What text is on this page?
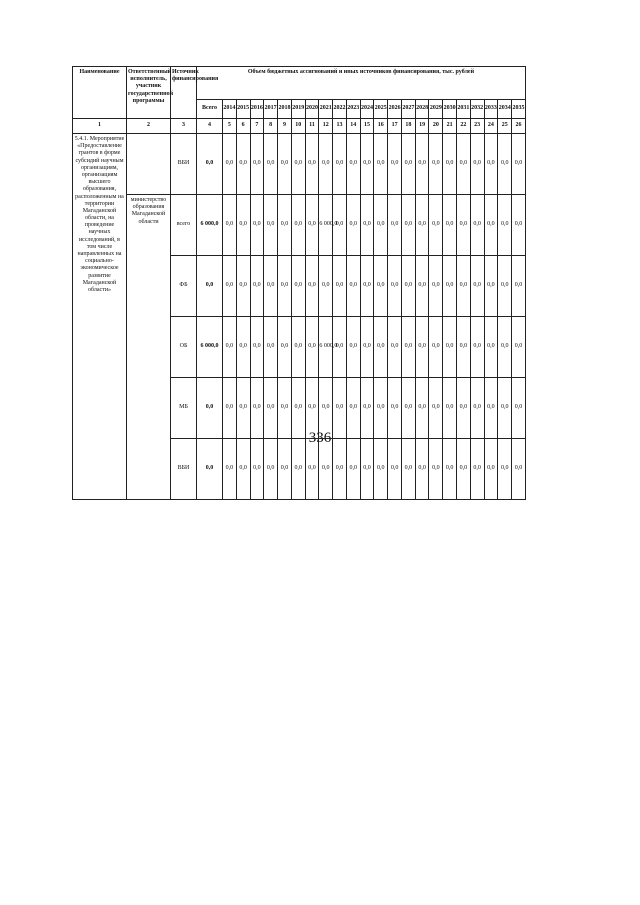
336
Наименование	Ответственный исполнитель, участник государственной программы	Источник финансирования	Объем бюджетных ассигнований и иных источников финансирования, тыс. рублей																						
			Всего	2014	2015	2016	2017	2018	2019	2020	2021	2022	2023	2024	2025	2026	2027	2028	2029	2030	2031	2032	2033	2034	2035
1	2	3	4	5	6	7	8	9	10	11	12	13	14	15	16	17	18	19	20	21	22	23	24	25	26
5.4.1. Мероприятие «Предоставление грантов в форме субсидий научным организациям, организациям высшего образования, расположенным на территории Магаданской области, на проведение научных исследований, в том числе направленных на социально-экономическое развитие Магаданской области»		ВБИ	0,0	0,0	0,0	0,0	0,0	0,0	0,0	0,0	0,0	0,0	0,0	0,0	0,0	0,0	0,0	0,0	0,0	0,0	0,0	0,0	0,0	0,0	0,0
	министерство образования Магаданской области	всего	6 000,0	0,0	0,0	0,0	0,0	0,0	0,0	0,0	6 000,0	0,0	0,0	0,0	0,0	0,0	0,0	0,0	0,0	0,0	0,0	0,0	0,0	0,0	0,0
		ФБ	0,0	0,0	0,0	0,0	0,0	0,0	0,0	0,0	0,0	0,0	0,0	0,0	0,0	0,0	0,0	0,0	0,0	0,0	0,0	0,0	0,0	0,0	0,0
		ОБ	6 000,0	0,0	0,0	0,0	0,0	0,0	0,0	0,0	6 000,0	0,0	0,0	0,0	0,0	0,0	0,0	0,0	0,0	0,0	0,0	0,0	0,0	0,0	0,0
		МБ	0,0	0,0	0,0	0,0	0,0	0,0	0,0	0,0	0,0	0,0	0,0	0,0	0,0	0,0	0,0	0,0	0,0	0,0	0,0	0,0	0,0	0,0	0,0
		ВБИ	0,0	0,0	0,0	0,0	0,0	0,0	0,0	0,0	0,0	0,0	0,0	0,0	0,0	0,0	0,0	0,0	0,0	0,0	0,0	0,0	0,0	0,0	0,0
